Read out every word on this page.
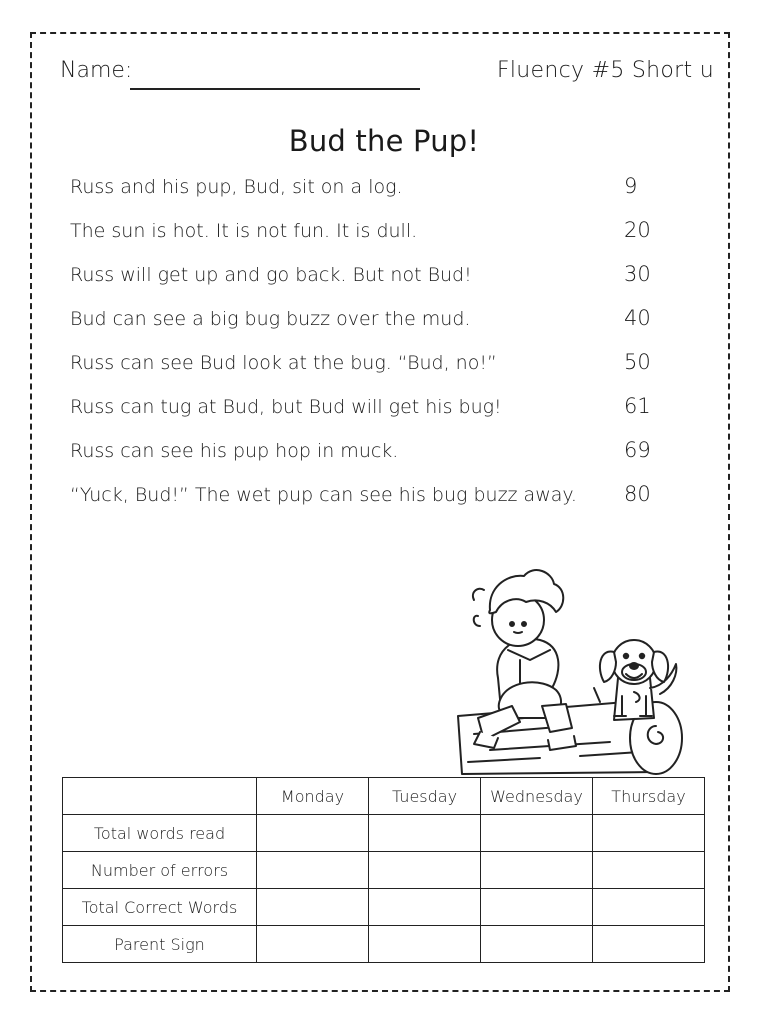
Name:	Fluency #5 Short u
Bud the Pup!
Russ and his pup, Bud, sit on a log.	9
The sun is hot. It is not fun. It is dull.	20
Russ will get up and go back. But not Bud!	30
Bud can see a big bug buzz over the mud.	40
Russ can see Bud look at the bug. “Bud, no!”	50
Russ can tug at Bud, but Bud will get his bug!	61
Russ can see his pup hop in muck.	69
“Yuck, Bud!” The wet pup can see his bug buzz away. 80
	Monday	Tuesday	Wednesday	Thursday
Total words read				
Number of errors				
Total Correct Words				
Parent Sign				
